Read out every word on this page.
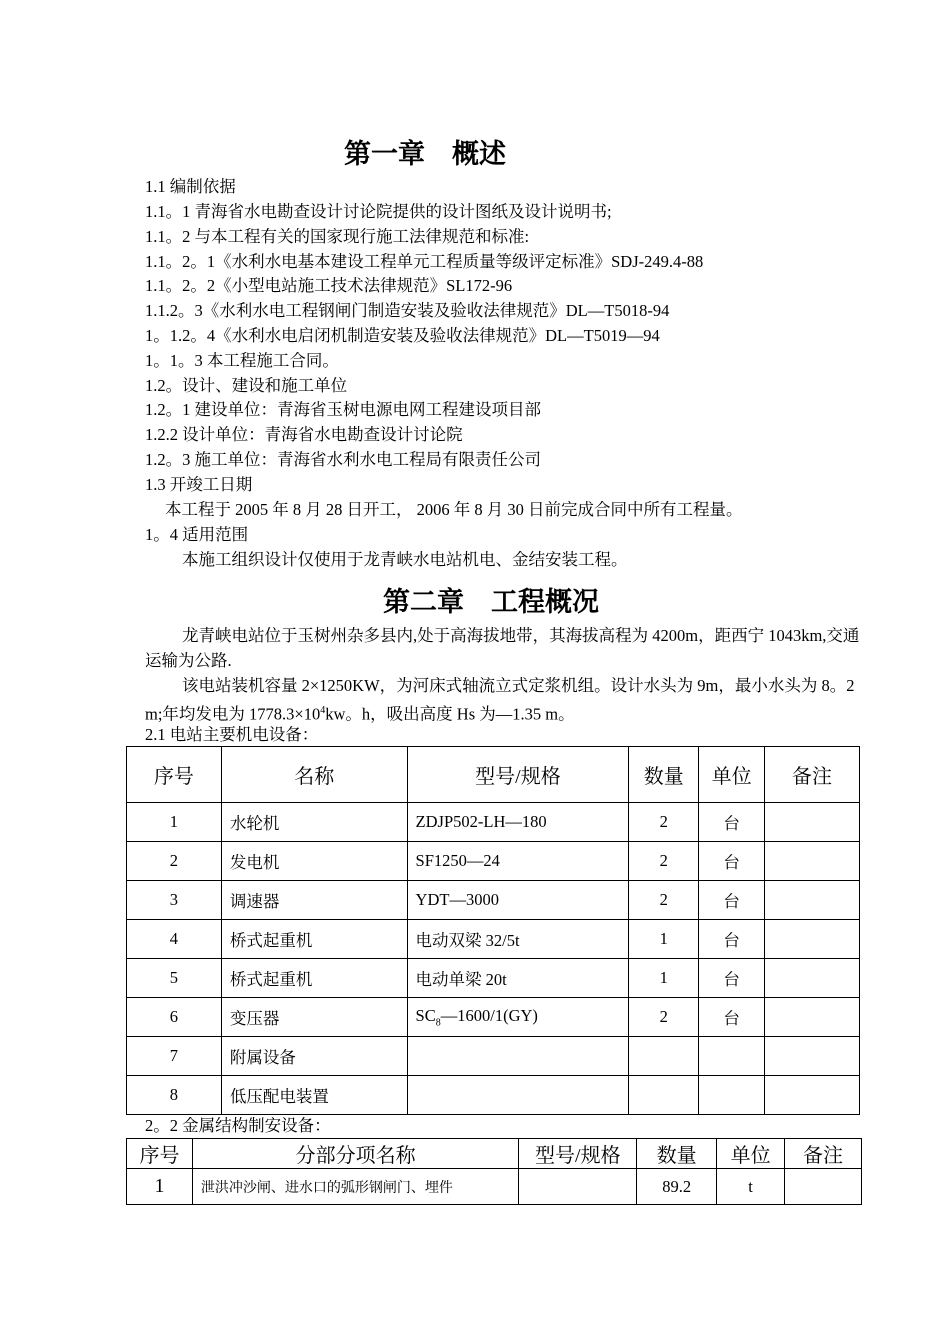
第一章　概述
1.1 编制依据
1.1。1 青海省水电勘查设计讨论院提供的设计图纸及设计说明书;
1.1。2 与本工程有关的国家现行施工法律规范和标准:
1.1。2。1《水利水电基本建设工程单元工程质量等级评定标准》SDJ-249.4-88
1.1。2。2《小型电站施工技术法律规范》SL172-96
1.1.2。3《水利水电工程钢闸门制造安装及验收法律规范》DL—T5018-94
1。1.2。4《水利水电启闭机制造安装及验收法律规范》DL—T5019—94
1。1。3 本工程施工合同。
1.2。设计、建设和施工单位
1.2。1 建设单位：青海省玉树电源电网工程建设项目部
1.2.2 设计单位：青海省水电勘查设计讨论院
1.2。3 施工单位：青海省水利水电工程局有限责任公司
1.3 开竣工日期
本工程于 2005 年 8 月 28 日开工， 2006 年 8 月 30 日前完成合同中所有工程量。
1。4 适用范围
本施工组织设计仅使用于龙青峡水电站机电、金结安装工程。
第二章　工程概况
龙青峡电站位于玉树州杂多县内,处于高海拔地带，其海拔高程为 4200m，距西宁 1043km,交通运输为公路.
该电站装机容量 2×1250KW，为河床式轴流立式定浆机组。设计水头为 9m，最小水头为 8。2 m;年均发电为 $1778.3\times 10^4kw$。h，吸出高度 Hs 为—1.35 m。
2.1 电站主要机电设备：
序号	名称	型号/规格	数量	单位	备注
1	水轮机	ZDJP502-LH—180	2	台	
2	发电机	SF1250—24	2	台	
3	调速器	YDT—3000	2	台	
4	桥式起重机	电动双梁 32/5t	1	台	
5	桥式起重机	电动单梁 20t	1	台	
6	变压器	$SC_8—1600/1(GY)$	2	台	
7	附属设备				
8	低压配电装置				
2。2 金属结构制安设备：
序号	分部分项名称	型号/规格	数量	单位	备注
1	泄洪冲沙闸、进水口的弧形钢闸门、埋件		89.2	t	
